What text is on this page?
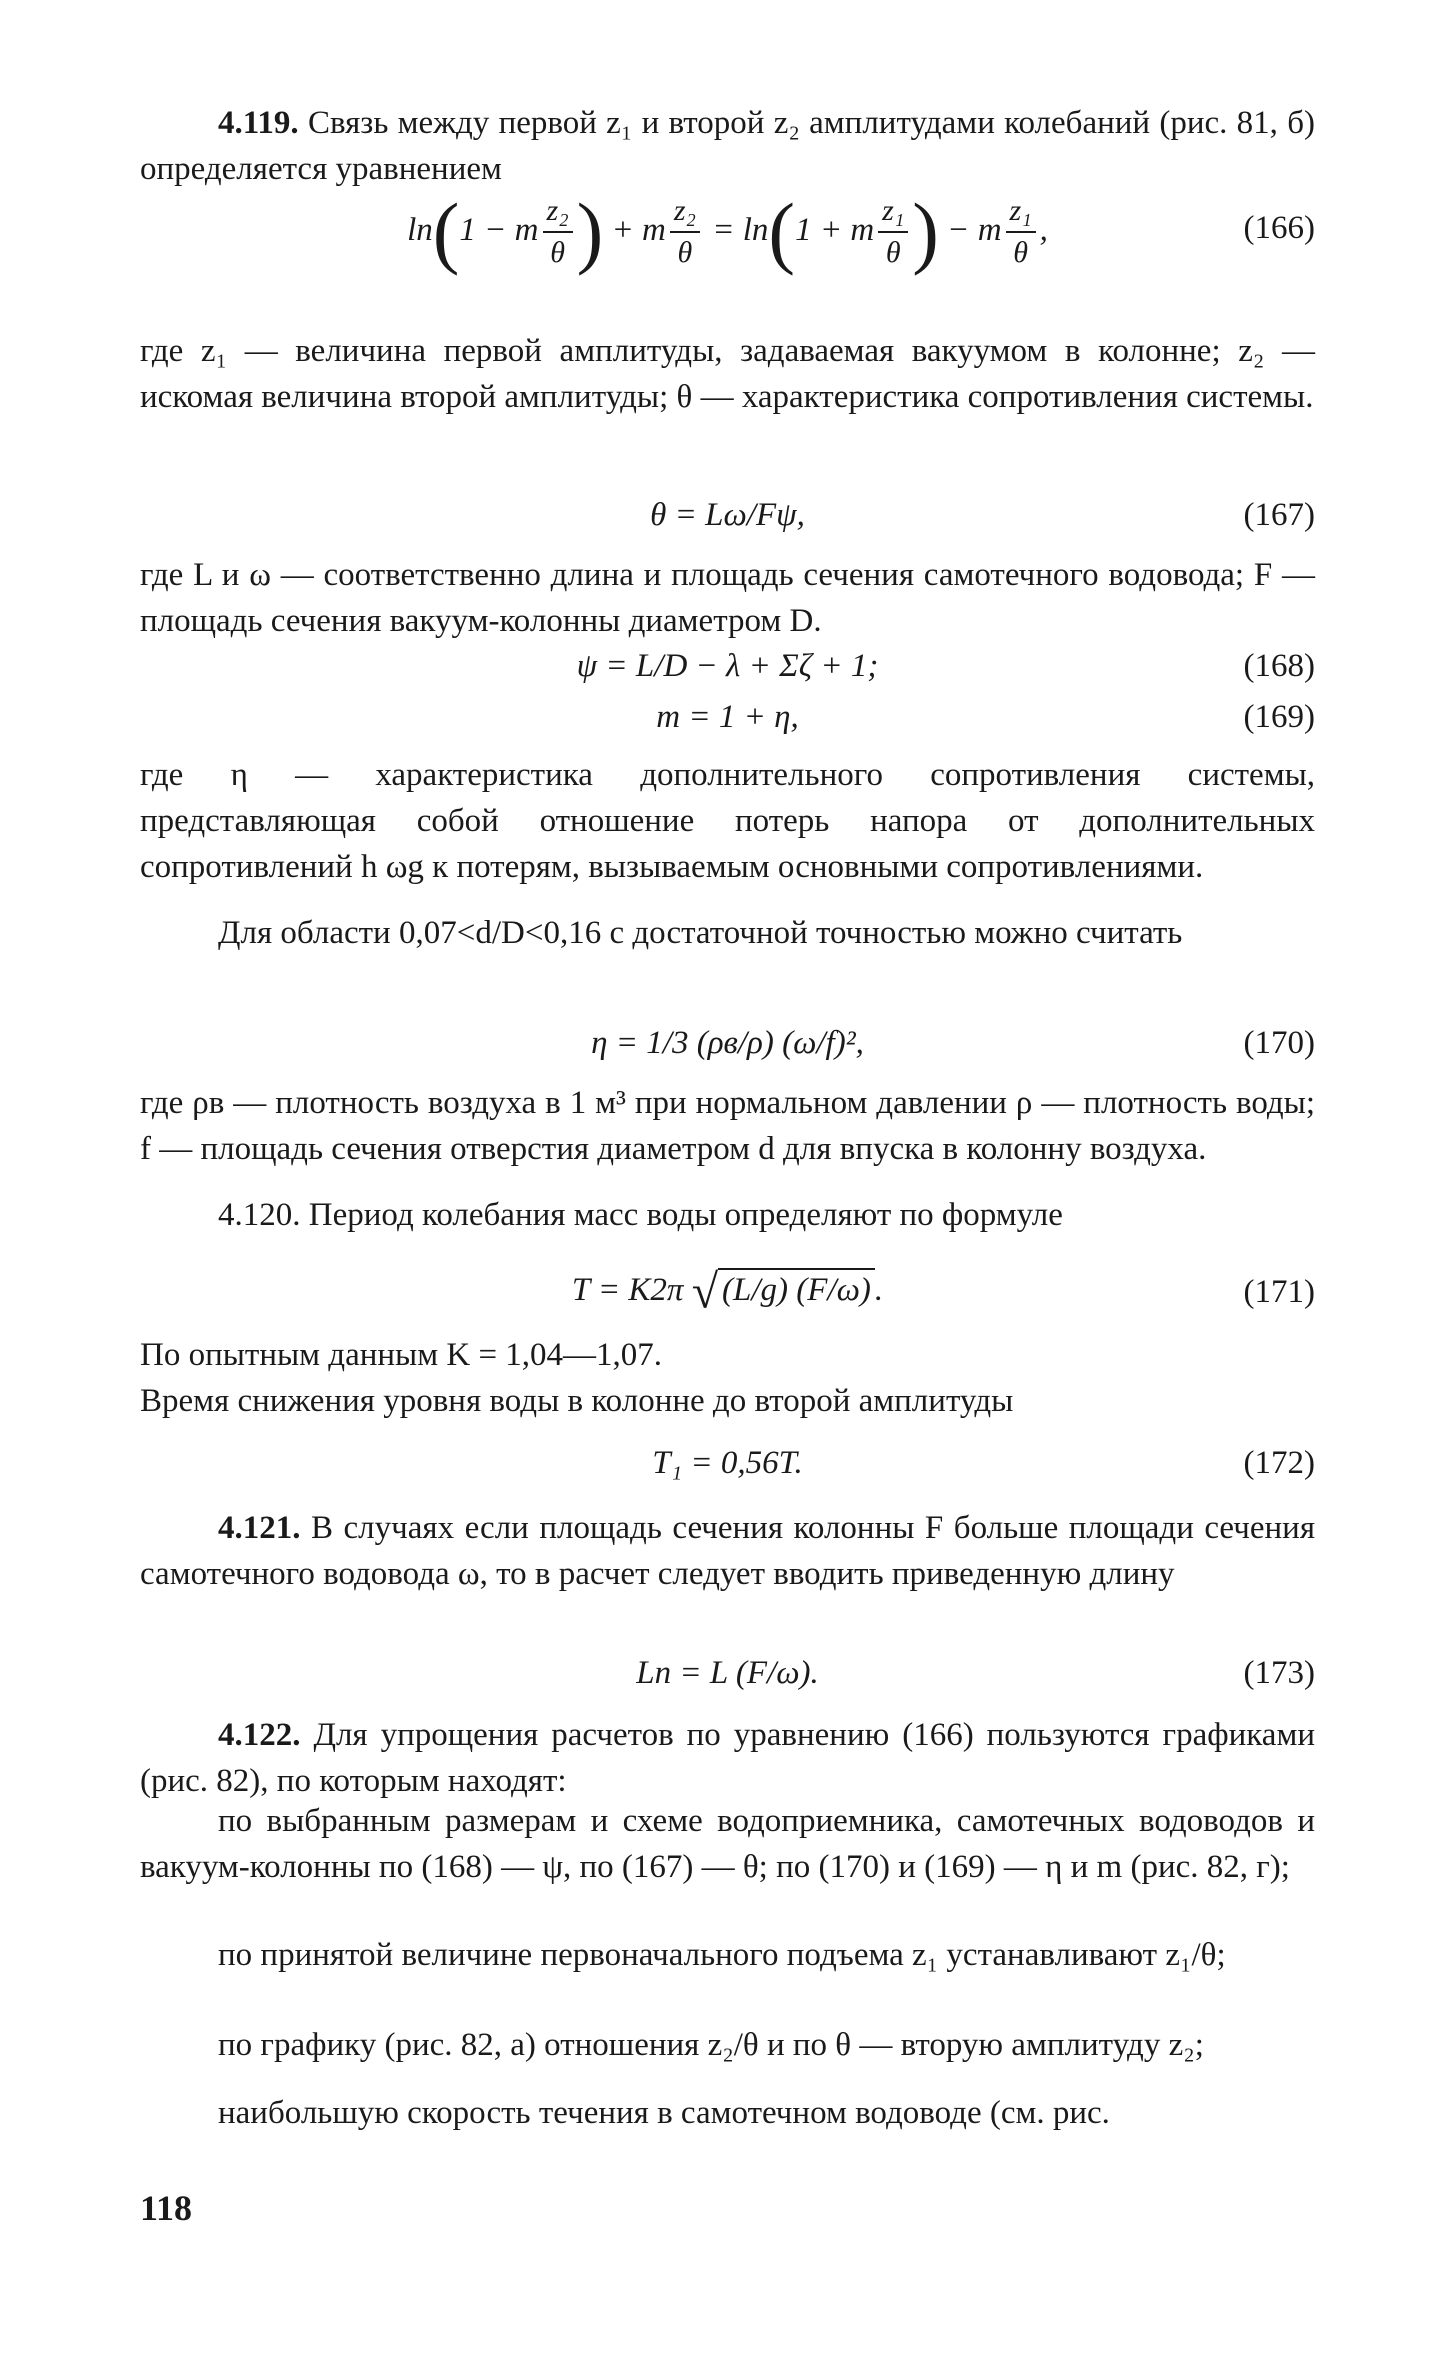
4.119. Связь между первой z₁ и второй z₂ амплитудами колебаний (рис. 81, б) определяется уравнением

ln(1 − m $\frac{\text{z₂}}{\theta}$ ) + m $\frac{\text{z₂}}{\theta} = \ln(1 + m \frac{\text{z₁}}{\theta}$ ) − m $\frac{\text{z₁}}{\theta}$ ,	(166)

где z₁ — величина первой амплитуды, задаваемая вакуумом в колонне; z₂ — искомая величина второй амплитуды; θ — характеристика сопротивления системы.

θ = Lω/Fψ,	(167)

где L и ω — соответственно длина и площадь сечения самотечного водовода; F — площадь сечения вакуум-колонны диаметром D.

ψ = L/D − λ + Σζ + 1;	(168)
m = 1 + η,	(169)

где η — характеристика дополнительного сопротивления системы, представляющая собой отношение потерь напора от дополнительных сопротивлений h ωg к потерям, вызываемым основными сопротивлениями.

Для области 0,07<d/D<0,16 с достаточной точностью можно считать

η = 1/3 (ρв/ρ) (ω/f)²,	(170)

где ρв — плотность воздуха в 1 м³ при нормальном давлении ρ — плотность воды; f — площадь сечения отверстия диаметром d для впуска в колонну воздуха.

4.120. Период колебания масс воды определяют по формуле

T = K2π √ (L/g) (F/ω) .	(171)

По опытным данным K = 1,04—1,07.

Время снижения уровня воды в колонне до второй амплитуды

T₁ = 0,56T.	(172)

4.121. В случаях если площадь сечения колонны F больше площади сечения самотечного водовода ω, то в расчет следует вводить приведенную длину

Lп = L (F/ω).	(173)

4.122. Для упрощения расчетов по уравнению (166) пользуются графиками (рис. 82), по которым находят:

по выбранным размерам и схеме водоприемника, самотечных водоводов и вакуум-колонны по (168) — ψ, по (167) — θ; по (170) и (169) — η и m (рис. 82, г);

по принятой величине первоначального подъема z₁ устанавливают z₁/θ;

по графику (рис. 82, а) отношения z₂/θ и по θ — вторую амплитуду z₂;

наибольшую скорость течения в самотечном водоводе (см. рис.

118
